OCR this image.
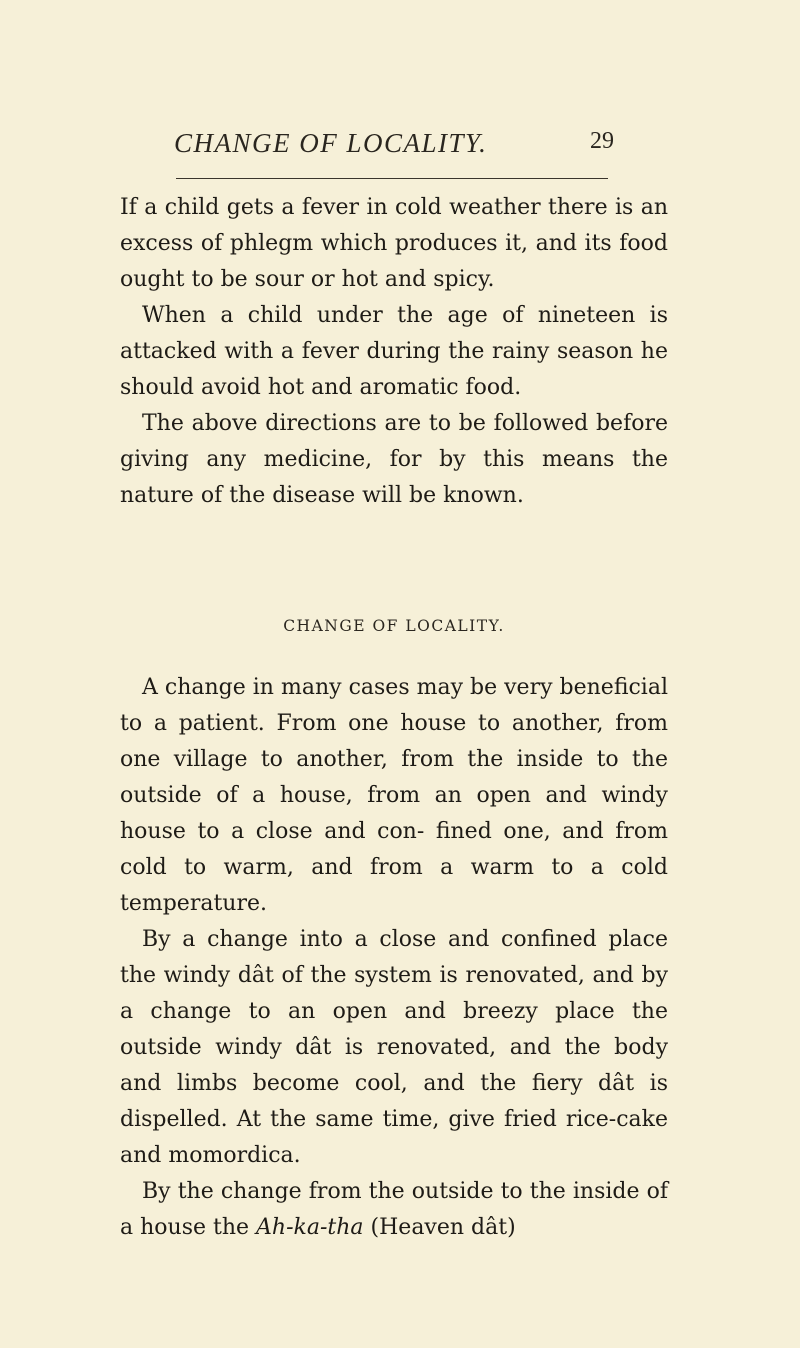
CHANGE OF LOCALITY.	29

If a child gets a fever in cold weather there is an excess of phlegm which produces it, and its food ought to be sour or hot and spicy.

When a child under the age of nineteen is attacked with a fever during the rainy season he should avoid hot and aromatic food.

The above directions are to be followed before giving any medicine, for by this means the nature of the disease will be known.

CHANGE OF LOCALITY.

A change in many cases may be very beneficial to a patient. From one house to another, from one village to another, from the inside to the outside of a house, from an open and windy house to a close and con- fined one, and from cold to warm, and from a warm to a cold temperature.

By a change into a close and confined place the windy dât of the system is renovated, and by a change to an open and breezy place the outside windy dât is renovated, and the body and limbs become cool, and the fiery dât is dispelled. At the same time, give fried rice-cake and momordica.

By the change from the outside to the inside of a house the Ah-ka-tha (Heaven dât)
